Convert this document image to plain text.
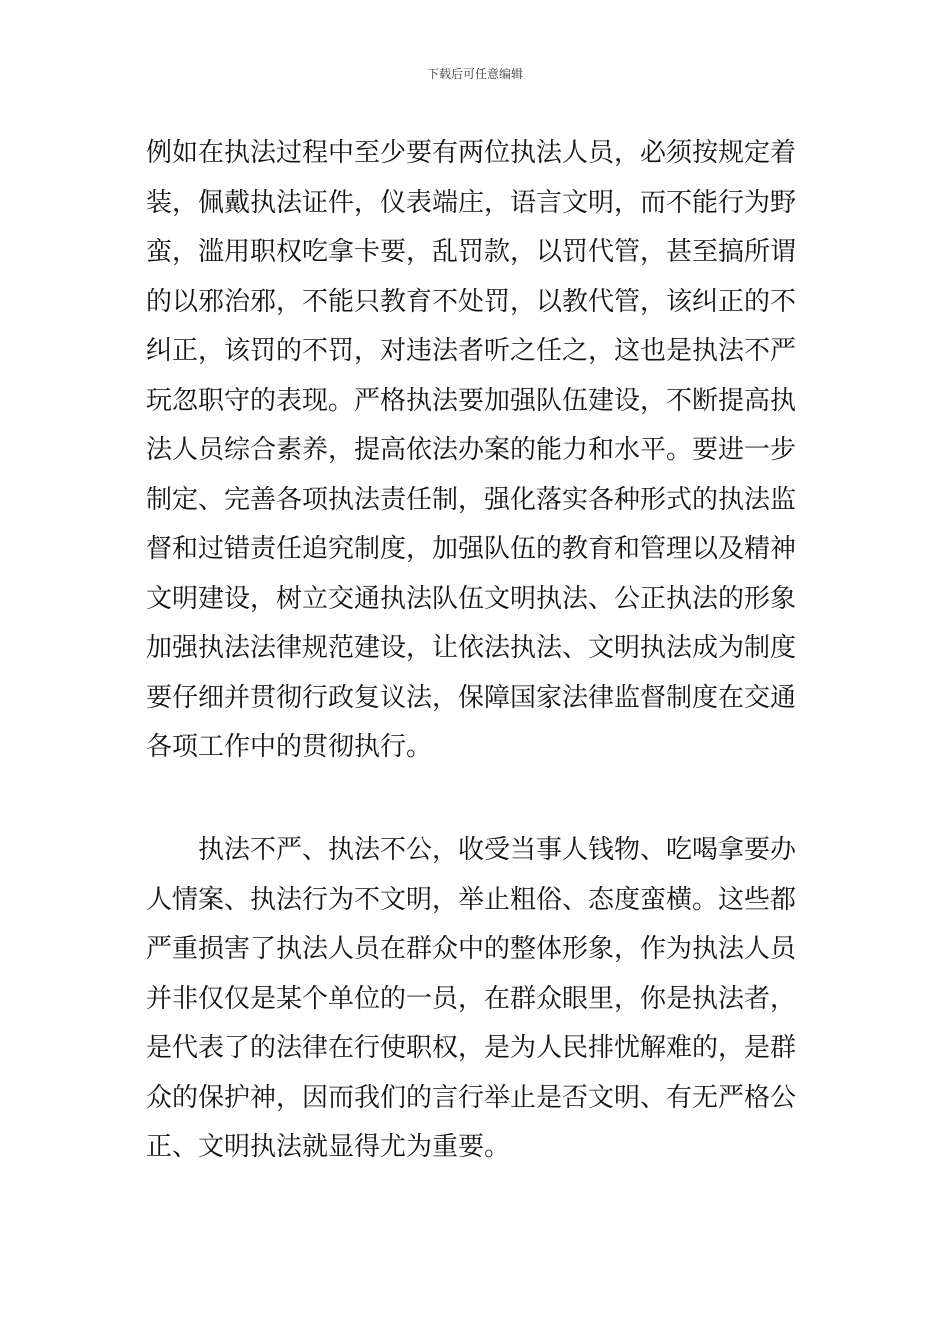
下载后可任意编辑
例如在执法过程中至少要有两位执法人员，必须按规定着
装，佩戴执法证件，仪表端庄，语言文明，而不能行为野
蛮，滥用职权吃拿卡要，乱罚款，以罚代管，甚至搞所谓
的以邪治邪，不能只教育不处罚，以教代管，该纠正的不
纠正，该罚的不罚，对违法者听之任之，这也是执法不严
玩忽职守的表现。严格执法要加强队伍建设，不断提高执
法人员综合素养，提高依法办案的能力和水平。要进一步
制定、完善各项执法责任制，强化落实各种形式的执法监
督和过错责任追究制度，加强队伍的教育和管理以及精神
文明建设，树立交通执法队伍文明执法、公正执法的形象
加强执法法律规范建设，让依法执法、文明执法成为制度
要仔细并贯彻行政复议法，保障国家法律监督制度在交通
各项工作中的贯彻执行。
　　执法不严、执法不公，收受当事人钱物、吃喝拿要办
人情案、执法行为不文明，举止粗俗、态度蛮横。这些都
严重损害了执法人员在群众中的整体形象，作为执法人员
并非仅仅是某个单位的一员，在群众眼里，你是执法者，
是代表了的法律在行使职权，是为人民排忧解难的，是群
众的保护神，因而我们的言行举止是否文明、有无严格公
正、文明执法就显得尤为重要。
